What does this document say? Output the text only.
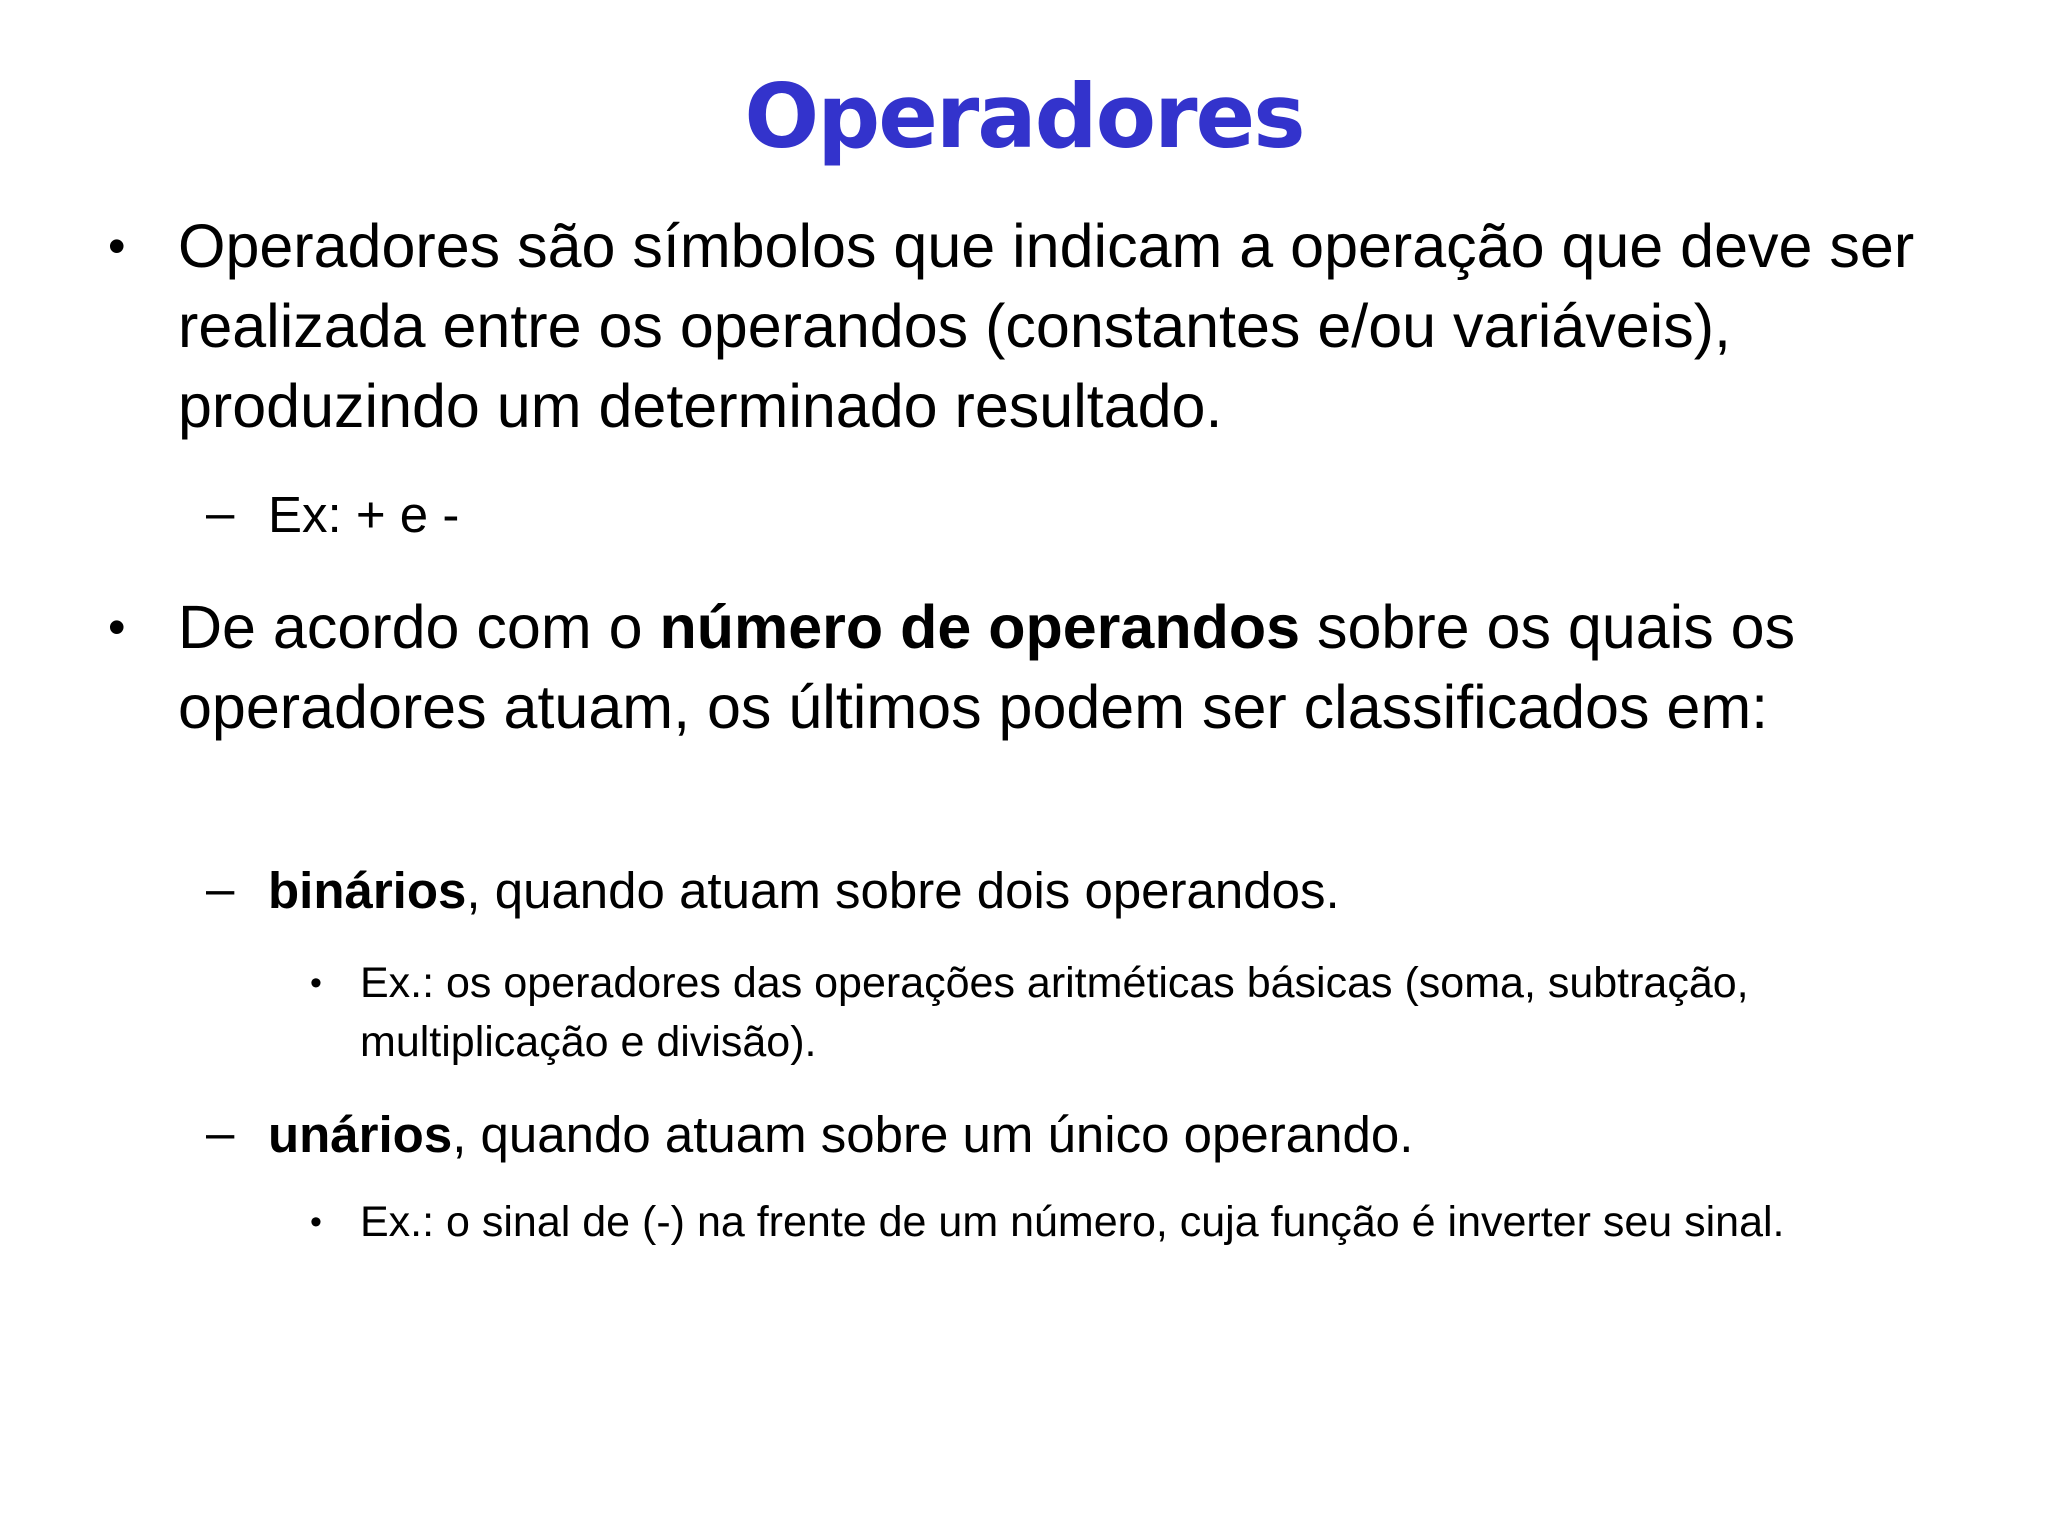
Operadores
• Operadores são símbolos que indicam a operação que deve ser realizada entre os operandos (constantes e/ou variáveis), produzindo um determinado resultado.
– Ex: + e -
• De acordo com o número de operandos sobre os quais os operadores atuam, os últimos podem ser classificados em:
– binários, quando atuam sobre dois operandos.
• Ex.: os operadores das operações aritméticas básicas (soma, subtração, multiplicação e divisão).
– unários, quando atuam sobre um único operando.
• Ex.: o sinal de (-) na frente de um número, cuja função é inverter seu sinal.
